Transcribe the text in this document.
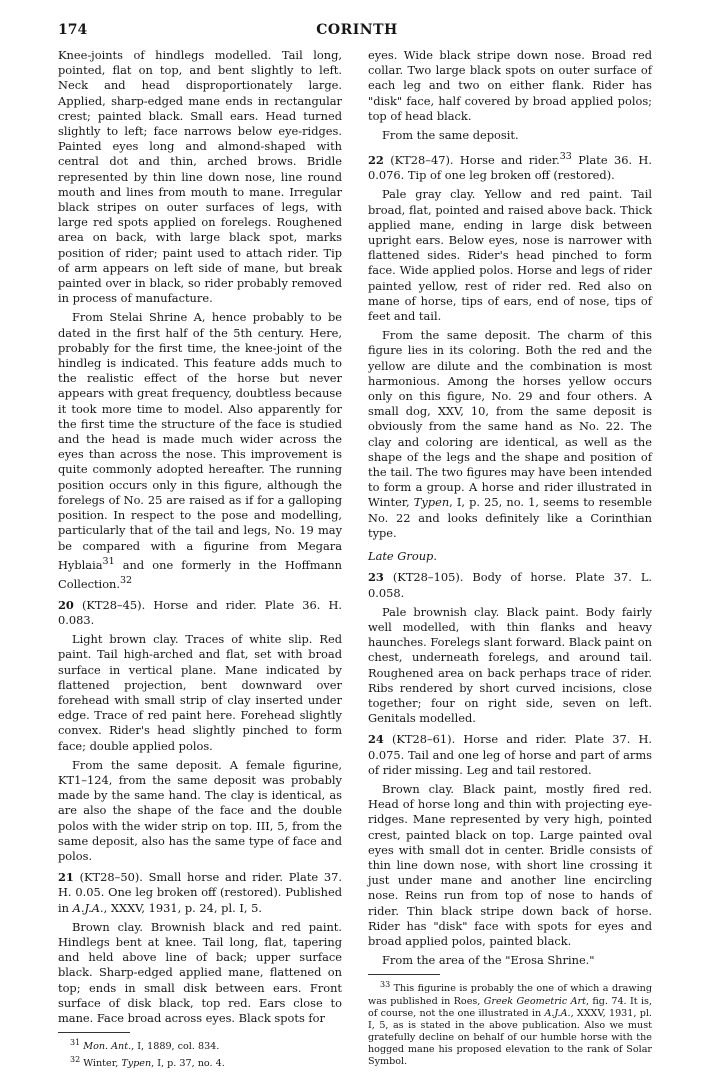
174	CORINTH

Knee-joints of hindlegs modelled. Tail long, pointed, flat on top, and bent slightly to left. Neck and head disproportionately large. Applied, sharp-edged mane ends in rectangular crest; painted black. Small ears. Head turned slightly to left; face narrows below eye-ridges. Painted eyes long and almond-shaped with central dot and thin, arched brows. Bridle represented by thin line down nose, line round mouth and lines from mouth to mane. Irregular black stripes on outer surfaces of legs, with large red spots applied on forelegs. Roughened area on back, with large black spot, marks position of rider; paint used to attach rider. Tip of arm appears on left side of mane, but break painted over in black, so rider probably removed in process of manufacture.

From Stelai Shrine A, hence probably to be dated in the first half of the 5th century. Here, probably for the first time, the knee-joint of the hindleg is indicated. This feature adds much to the realistic effect of the horse but never appears with great frequency, doubtless because it took more time to model. Also apparently for the first time the structure of the face is studied and the head is made much wider across the eyes than across the nose. This improvement is quite commonly adopted hereafter. The running position occurs only in this figure, although the forelegs of No. 25 are raised as if for a galloping position. In respect to the pose and modelling, particularly that of the tail and legs, No. 19 may be compared with a figurine from Megara Hyblaia$^{31}$ and one formerly in the Hoffmann Collection.$^{32}$

20 (KT28–45). Horse and rider. Plate 36. H. 0.083.

Light brown clay. Traces of white slip. Red paint. Tail high-arched and flat, set with broad surface in vertical plane. Mane indicated by flattened projection, bent downward over forehead with small strip of clay inserted under edge. Trace of red paint here. Forehead slightly convex. Rider's head slightly pinched to form face; double applied polos.

From the same deposit. A female figurine, KT1–124, from the same deposit was probably made by the same hand. The clay is identical, as are also the shape of the face and the double polos with the wider strip on top. III, 5, from the same deposit, also has the same type of face and polos.

21 (KT28–50). Small horse and rider. Plate 37. H. 0.05. One leg broken off (restored). Published in A.J.A., XXXV, 1931, p. 24, pl. I, 5.

Brown clay. Brownish black and red paint. Hindlegs bent at knee. Tail long, flat, tapering and held above line of back; upper surface black. Sharp-edged applied mane, flattened on top; ends in small disk between ears. Front surface of disk black, top red. Ears close to mane. Face broad across eyes. Black spots for

$^{31}$ Mon. Ant., I, 1889, col. 834.

$^{32}$ Winter, Typen, I, p. 37, no. 4.

eyes. Wide black stripe down nose. Broad red collar. Two large black spots on outer surface of each leg and two on either flank. Rider has "disk" face, half covered by broad applied polos; top of head black.

From the same deposit.

22 (KT28–47). Horse and rider.$^{33}$ Plate 36. H. 0.076. Tip of one leg broken off (restored).

Pale gray clay. Yellow and red paint. Tail broad, flat, pointed and raised above back. Thick applied mane, ending in large disk between upright ears. Below eyes, nose is narrower with flattened sides. Rider's head pinched to form face. Wide applied polos. Horse and legs of rider painted yellow, rest of rider red. Red also on mane of horse, tips of ears, end of nose, tips of feet and tail.

From the same deposit. The charm of this figure lies in its coloring. Both the red and the yellow are dilute and the combination is most harmonious. Among the horses yellow occurs only on this figure, No. 29 and four others. A small dog, XXV, 10, from the same deposit is obviously from the same hand as No. 22. The clay and coloring are identical, as well as the shape of the legs and the shape and position of the tail. The two figures may have been intended to form a group. A horse and rider illustrated in Winter, Typen, I, p. 25, no. 1, seems to resemble No. 22 and looks definitely like a Corinthian type.

Late Group.

23 (KT28–105). Body of horse. Plate 37. L. 0.058.

Pale brownish clay. Black paint. Body fairly well modelled, with thin flanks and heavy haunches. Forelegs slant forward. Black paint on chest, underneath forelegs, and around tail. Roughened area on back perhaps trace of rider. Ribs rendered by short curved incisions, close together; four on right side, seven on left. Genitals modelled.

24 (KT28–61). Horse and rider. Plate 37. H. 0.075. Tail and one leg of horse and part of arms of rider missing. Leg and tail restored.

Brown clay. Black paint, mostly fired red. Head of horse long and thin with projecting eye-ridges. Mane represented by very high, pointed crest, painted black on top. Large painted oval eyes with small dot in center. Bridle consists of thin line down nose, with short line crossing it just under mane and another line encircling nose. Reins run from top of nose to hands of rider. Thin black stripe down back of horse. Rider has "disk" face with spots for eyes and broad applied polos, painted black.

From the area of the "Erosa Shrine."

$^{33}$ This figurine is probably the one of which a drawing was published in Roes, Greek Geometric Art, fig. 74. It is, of course, not the one illustrated in A.J.A., XXXV, 1931, pl. I, 5, as is stated in the above publication. Also we must gratefully decline on behalf of our humble horse with the hogged mane his proposed elevation to the rank of Solar Symbol.
